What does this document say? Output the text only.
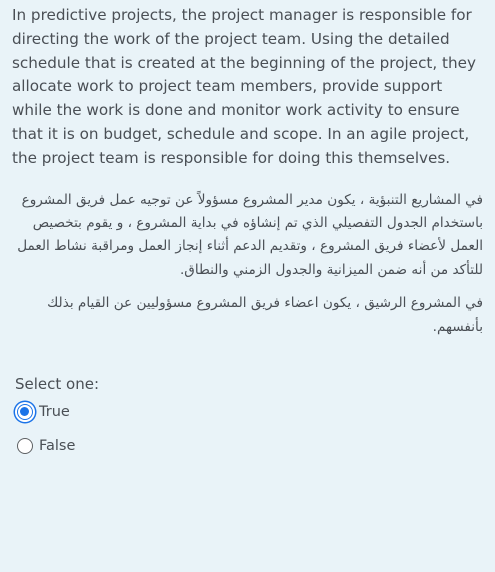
In predictive projects, the project manager is responsible for directing the work of the project team. Using the detailed schedule that is created at the beginning of the project, they allocate work to project team members, provide support while the work is done and monitor work activity to ensure that it is on budget, schedule and scope. In an agile project, the project team is responsible for doing this themselves.

في المشاريع التنبؤية ، يكون مدير المشروع مسؤولاً عن توجيه عمل فريق المشروع باستخدام الجدول التفصيلي الذي تم إنشاؤه في بداية المشروع ، و يقوم بتخصيص العمل لأعضاء فريق المشروع ، وتقديم الدعم أثناء إنجاز العمل ومراقبة نشاط العمل للتأكد من أنه ضمن الميزانية والجدول الزمني والنطاق.

في المشروع الرشيق ، يكون اعضاء فريق المشروع مسؤوليين عن القيام بذلك بأنفسهم.

Select one:
True
False
